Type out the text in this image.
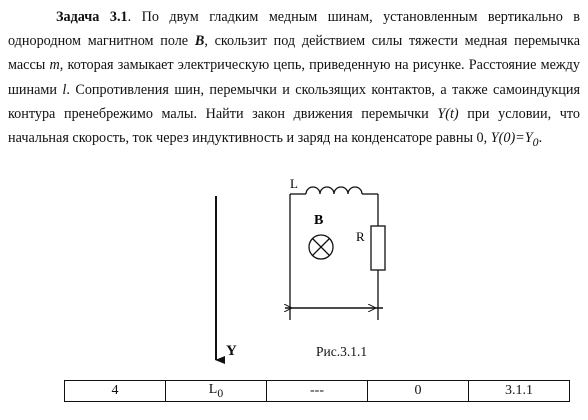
Задача 3.1. По двум гладким медным шинам, установленным вертикально в однородном магнитном поле B, скользит под действием силы тяжести медная перемычка массы m, которая замыкает электрическую цепь, приведенную на рисунке. Расстояние между шинами l. Сопротивления шин, перемычки и скользящих контактов, а также самоиндукция контура пренебрежимо малы. Найти закон движения перемычки Y(t) при условии, что начальная скорость, ток через индуктивность и заряд на конденсаторе равны 0, $Y(0)=Y_0$.

L
B
R
Y	Рис.3.1.1
4	$L_0$	---	0	3.1.1
